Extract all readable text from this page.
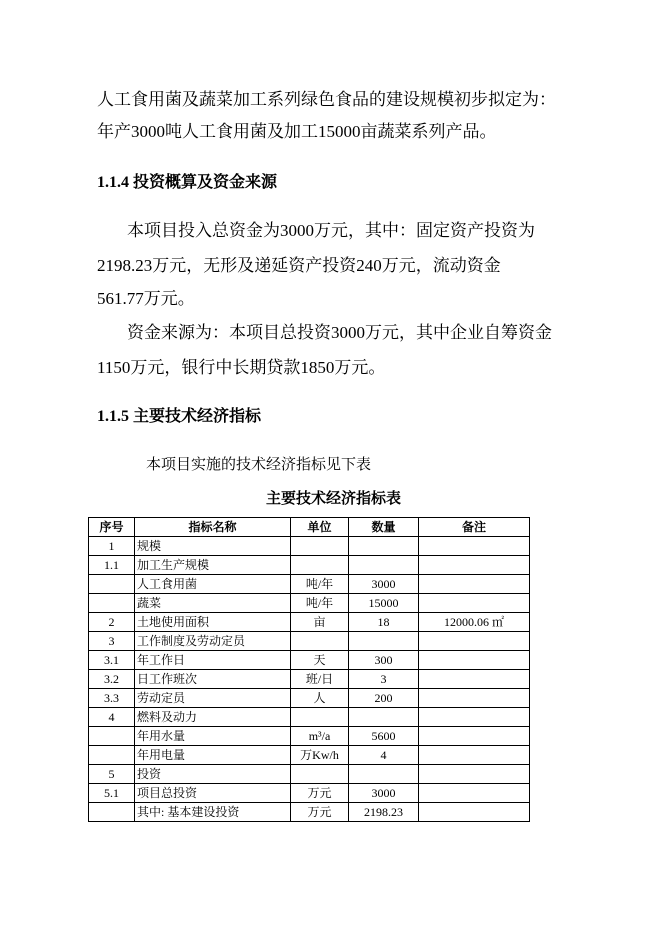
人工食用菌及蔬菜加工系列绿色食品的建设规模初步拟定为：
年产3000吨人工食用菌及加工15000亩蔬菜系列产品。
1.1.4 投资概算及资金来源
本项目投入总资金为3000万元，其中：固定资产投资为
2198.23万元，无形及递延资产投资240万元，流动资金
561.77万元。
资金来源为：本项目总投资3000万元，其中企业自筹资金
1150万元，银行中长期贷款1850万元。
1.1.5 主要技术经济指标
本项目实施的技术经济指标见下表
主要技术经济指标表
序号	指标名称	单位	数量	备注
1	规模			
1.1	加工生产规模			
	人工食用菌	吨/年	3000	
	蔬菜	吨/年	15000	
2	土地使用面积	亩	18	12000.06 ㎡
3	工作制度及劳动定员			
3.1	年工作日	天	300	
3.2	日工作班次	班/日	3	
3.3	劳动定员	人	200	
4	燃料及动力			
	年用水量	m³/a	5600	
	年用电量	万Kw/h	4	
5	投资			
5.1	项目总投资	万元	3000	
	其中: 基本建设投资	万元	2198.23	
